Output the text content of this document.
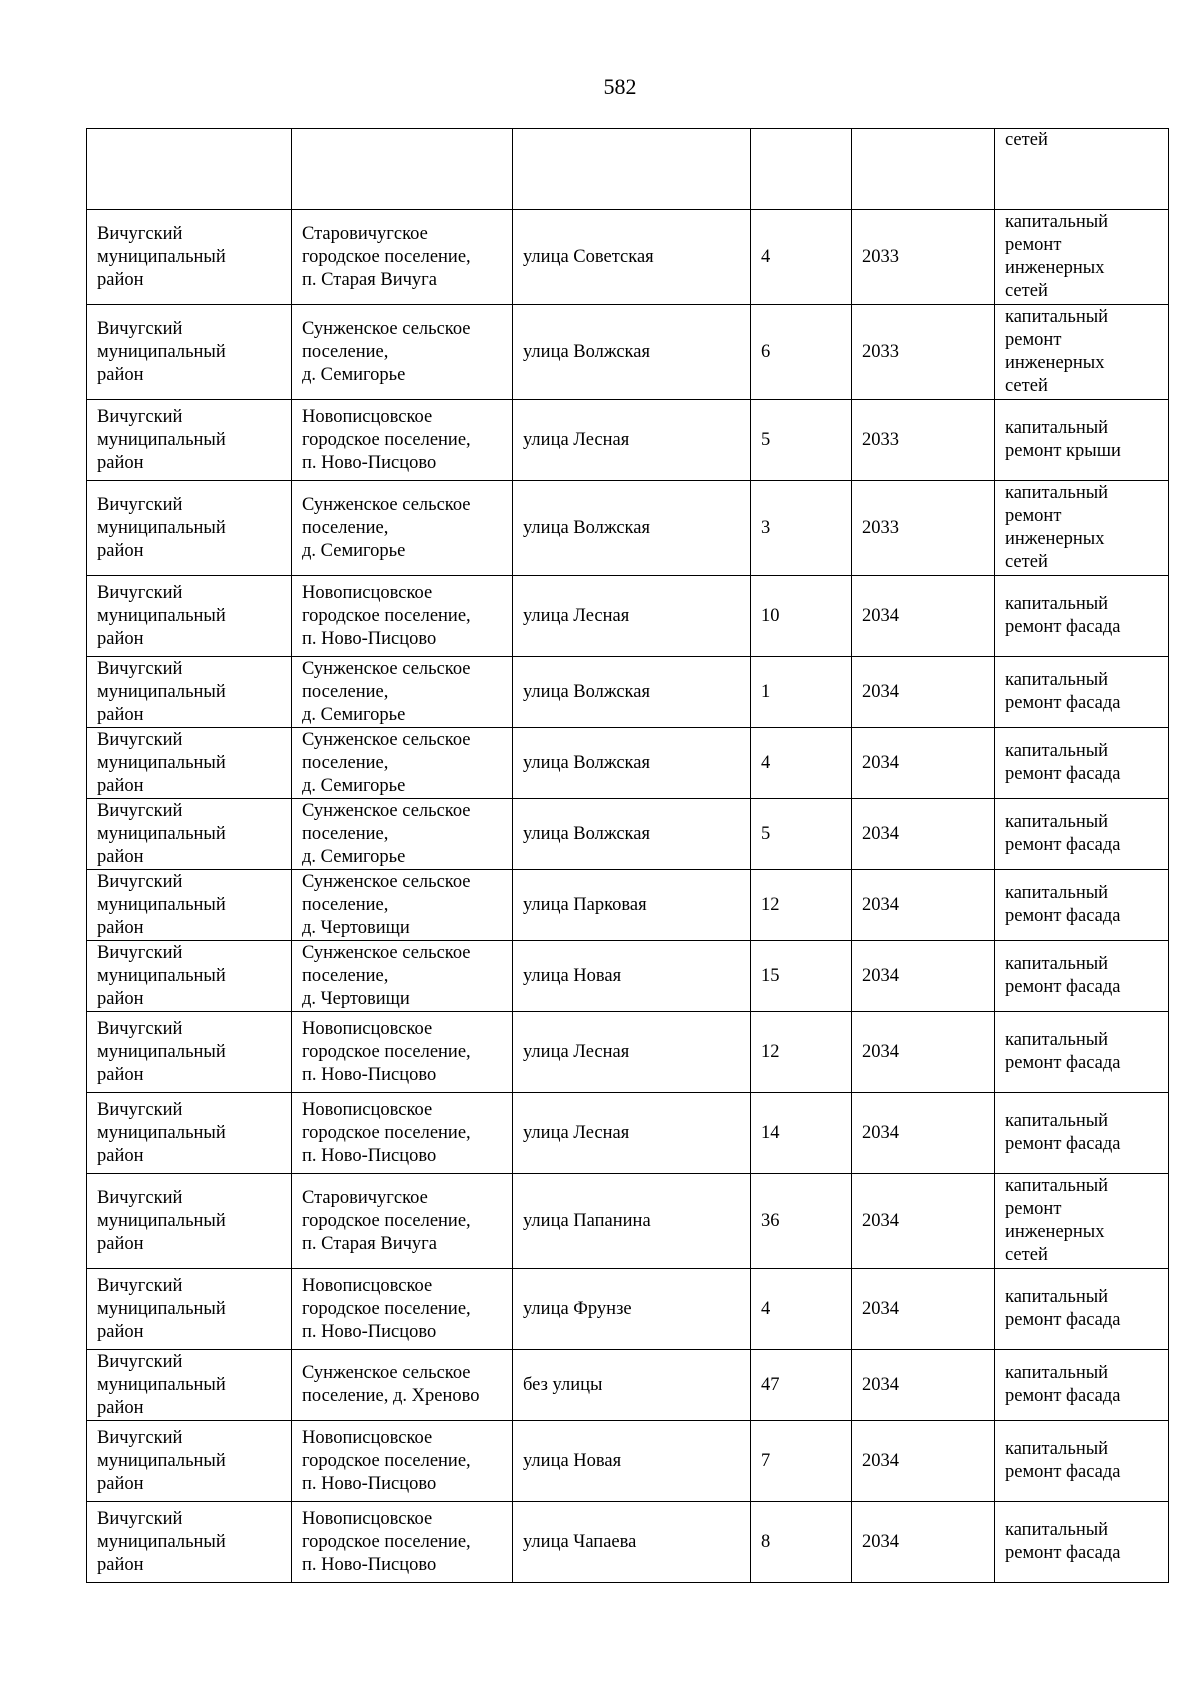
582

					сетей

Вичугский
муниципальный
район	Старовичугское
городское поселение,
п. Старая Вичуга	улица Советская	4	2033	капитальный
ремонт
инженерных
сетей

Вичугский
муниципальный
район	Сунженское сельское
поселение,
д. Семигорье	улица Волжская	6	2033	капитальный
ремонт
инженерных
сетей

Вичугский
муниципальный
район	Новописцовское
городское поселение,
п. Ново-Писцово	улица Лесная	5	2033	капитальный
ремонт крыши

Вичугский
муниципальный
район	Сунженское сельское
поселение,
д. Семигорье	улица Волжская	3	2033	капитальный
ремонт
инженерных
сетей

Вичугский
муниципальный
район	Новописцовское
городское поселение,
п. Ново-Писцово	улица Лесная	10	2034	капитальный
ремонт фасада

Вичугский
муниципальный
район	Сунженское сельское
поселение,
д. Семигорье	улица Волжская	1	2034	капитальный
ремонт фасада

Вичугский
муниципальный
район	Сунженское сельское
поселение,
д. Семигорье	улица Волжская	4	2034	капитальный
ремонт фасада

Вичугский
муниципальный
район	Сунженское сельское
поселение,
д. Семигорье	улица Волжская	5	2034	капитальный
ремонт фасада

Вичугский
муниципальный
район	Сунженское сельское
поселение,
д. Чертовищи	улица Парковая	12	2034	капитальный
ремонт фасада

Вичугский
муниципальный
район	Сунженское сельское
поселение,
д. Чертовищи	улица Новая	15	2034	капитальный
ремонт фасада

Вичугский
муниципальный
район	Новописцовское
городское поселение,
п. Ново-Писцово	улица Лесная	12	2034	капитальный
ремонт фасада

Вичугский
муниципальный
район	Новописцовское
городское поселение,
п. Ново-Писцово	улица Лесная	14	2034	капитальный
ремонт фасада

Вичугский
муниципальный
район	Старовичугское
городское поселение,
п. Старая Вичуга	улица Папанина	36	2034	капитальный
ремонт
инженерных
сетей

Вичугский
муниципальный
район	Новописцовское
городское поселение,
п. Ново-Писцово	улица Фрунзе	4	2034	капитальный
ремонт фасада

Вичугский
муниципальный
район	Сунженское сельское
поселение, д. Хреново	без улицы	47	2034	капитальный
ремонт фасада

Вичугский
муниципальный
район	Новописцовское
городское поселение,
п. Ново-Писцово	улица Новая	7	2034	капитальный
ремонт фасада

Вичугский
муниципальный
район	Новописцовское
городское поселение,
п. Ново-Писцово	улица Чапаева	8	2034	капитальный
ремонт фасада
